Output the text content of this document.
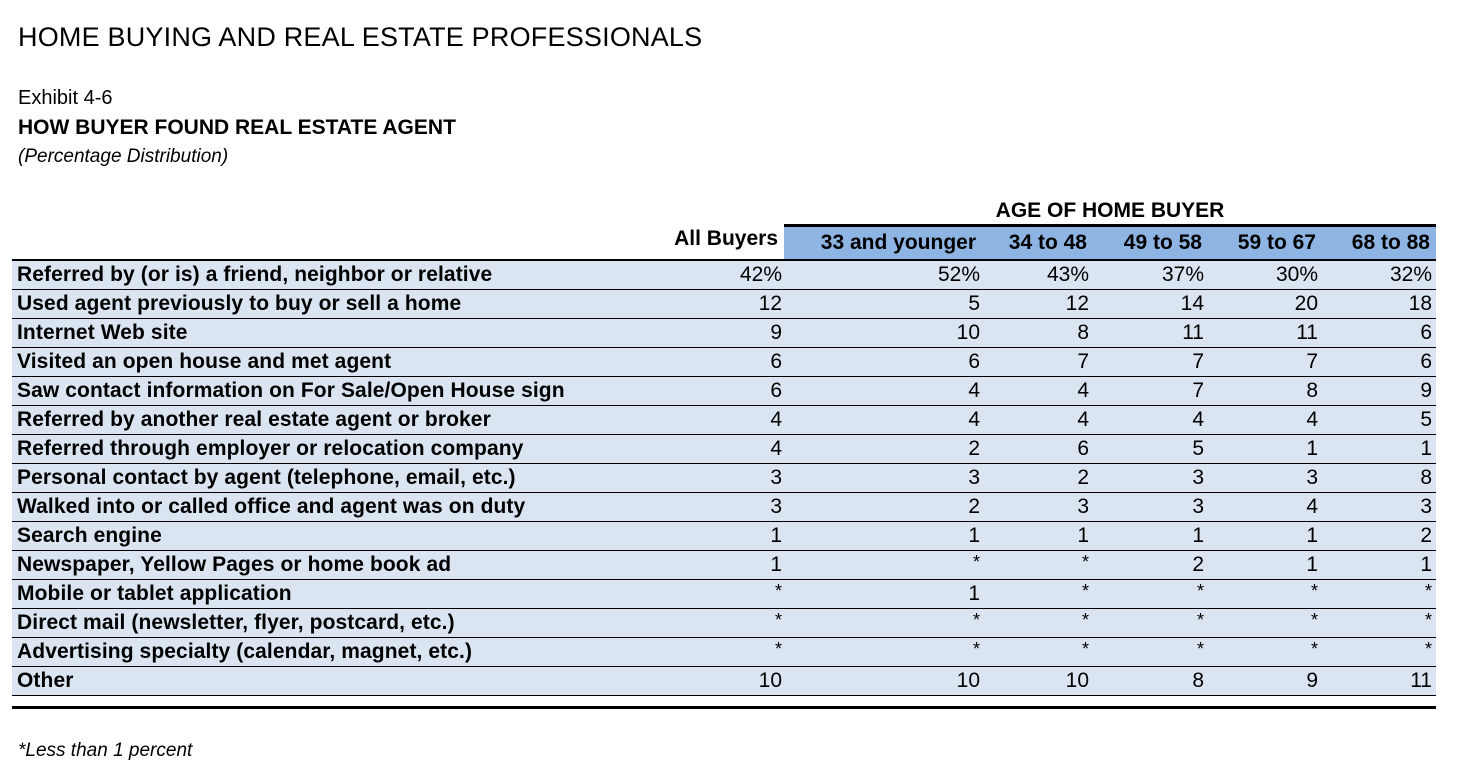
HOME BUYING AND REAL ESTATE PROFESSIONALS
Exhibit 4-6
HOW BUYER FOUND REAL ESTATE AGENT
(Percentage Distribution)
AGE OF HOME BUYER
All Buyers	33 and younger	34 to 48	49 to 58	59 to 67	68 to 88
Referred by (or is) a friend, neighbor or relative	42%	52%	43%	37%	30%	32%
Used agent previously to buy or sell a home	12	5	12	14	20	18
Internet Web site	9	10	8	11	11	6
Visited an open house and met agent	6	6	7	7	7	6
Saw contact information on For Sale/Open House sign	6	4	4	7	8	9
Referred by another real estate agent or broker	4	4	4	4	4	5
Referred through employer or relocation company	4	2	6	5	1	1
Personal contact by agent (telephone, email, etc.)	3	3	2	3	3	8
Walked into or called office and agent was on duty	3	2	3	3	4	3
Search engine	1	1	1	1	1	2
Newspaper, Yellow Pages or home book ad	1	*	*	2	1	1
Mobile or tablet application	*	1	*	*	*	*
Direct mail (newsletter, flyer, postcard, etc.)	*	*	*	*	*	*
Advertising specialty (calendar, magnet, etc.)	*	*	*	*	*	*
Other	10	10	10	8	9	11
*Less than 1 percent
